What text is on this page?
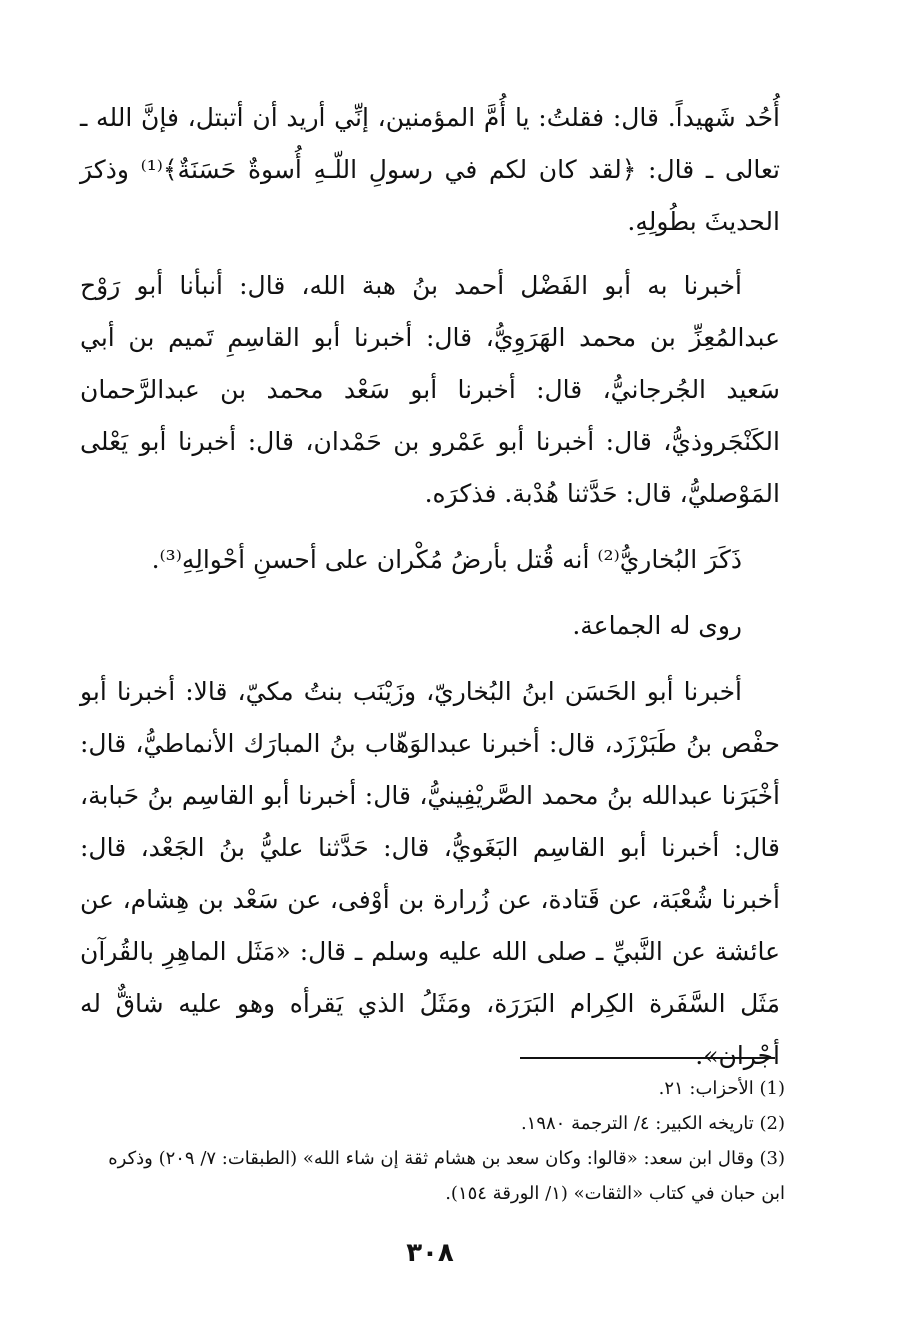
أُحُد شَهيداً. قال: فقلتُ: يا أُمَّ المؤمنين، إنِّي أريد أن أتبتل، فإنَّ الله ـ تعالى ـ قال: ﴿لقد كان لكم في رسولِ اللّـهِ أُسوةٌ حَسَنَةٌ﴾⁽¹⁾ وذكرَ الحديثَ بطُولِهِ.

أخبرنا به أبو الفَضْل أحمد بنُ هبة الله، قال: أنبأنا أبو رَوْح عبدالمُعِزِّ بن محمد الهَرَوِيُّ، قال: أخبرنا أبو القاسِمِ تَميم بن أبي سَعيد الجُرجانيُّ، قال: أخبرنا أبو سَعْد محمد بن عبدالرَّحمان الكَنْجَروذيُّ، قال: أخبرنا أبو عَمْرو بن حَمْدان، قال: أخبرنا أبو يَعْلى المَوْصليُّ، قال: حَدَّثنا هُدْبة. فذكرَه.

ذَكَرَ البُخاريُّ⁽²⁾ أنه قُتل بأرضُ مُكْران على أحسنِ أحْوالِهِ⁽³⁾.

روى له الجماعة.

أخبرنا أبو الحَسَن ابنُ البُخاريّ، وزَيْنَب بنتُ مكيّ، قالا: أخبرنا أبو حفْص بنُ طَبَرْزَد، قال: أخبرنا عبدالوَهّاب بنُ المبارَك الأنماطيُّ، قال: أخْبَرَنا عبدالله بنُ محمد الصَّريْفِينيُّ، قال: أخبرنا أبو القاسِم بنُ حَبابة، قال: أخبرنا أبو القاسِم البَغَويُّ، قال: حَدَّثنا عليُّ بنُ الجَعْد، قال: أخبرنا شُعْبَة، عن قَتادة، عن زُرارة بن أوْفى، عن سَعْد بن هِشام، عن عائشة عن النَّبيِّ ـ صلى الله عليه وسلم ـ قال: «مَثَل الماهِرِ بالقُرآن مَثَل السَّفَرة الكِرام البَرَرَة، ومَثَلُ الذي يَقرأه وهو عليه شاقٌّ له أجْران».

(1) الأحزاب: ٢١.

(2) تاريخه الكبير: ٤/ الترجمة ١٩٨٠.

(3) وقال ابن سعد: «قالوا: وكان سعد بن هشام ثقة إن شاء الله» (الطبقات: ٧/ ٢٠٩) وذكره ابن حبان في كتاب «الثقات» (١/ الورقة ١٥٤).

٣٠٨
